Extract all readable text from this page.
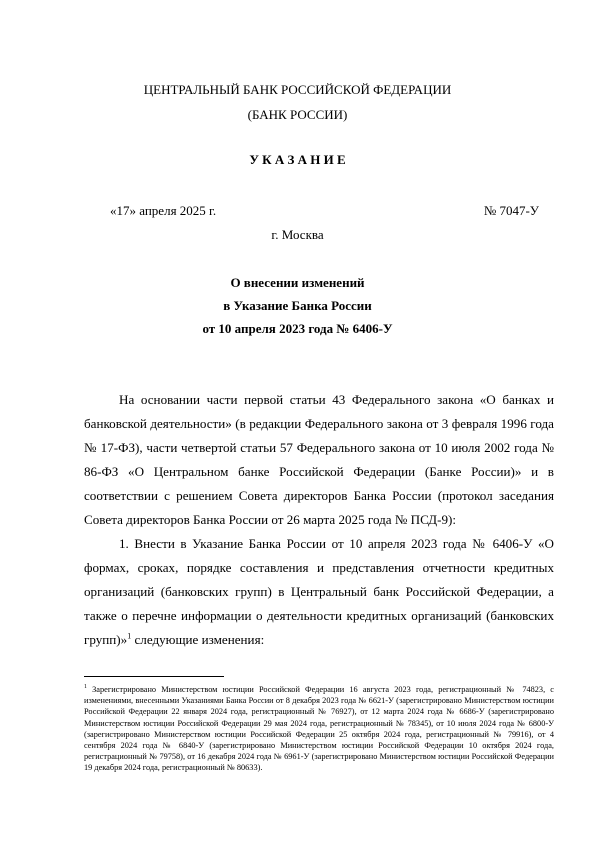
ЦЕНТРАЛЬНЫЙ БАНК РОССИЙСКОЙ ФЕДЕРАЦИИ
(БАНК РОССИИ)
У К А З А Н И Е
«17» апреля 2025 г.	№ 7047-У
г. Москва
О внесении изменений
в Указание Банка России
от 10 апреля 2023 года № 6406-У

На основании части первой статьи 43 Федерального закона «О банках и банковской деятельности» (в редакции Федерального закона от 3 февраля 1996 года № 17-ФЗ), части четвертой статьи 57 Федерального закона от 10 июля 2002 года № 86-ФЗ «О Центральном банке Российской Федерации (Банке России)» и в соответствии с решением Совета директоров Банка России (протокол заседания Совета директоров Банка России от 26 марта 2025 года № ПСД-9):

1. Внести в Указание Банка России от 10 апреля 2023 года № 6406-У «О формах, сроках, порядке составления и представления отчетности кредитных организаций (банковских групп) в Центральный банк Российской Федерации, а также о перечне информации о деятельности кредитных организаций (банковских групп)»$^1$ следующие изменения:

$^1$ Зарегистрировано Министерством юстиции Российской Федерации 16 августа 2023 года, регистрационный № 74823, с изменениями, внесенными Указаниями Банка России от 8 декабря 2023 года № 6621-У (зарегистрировано Министерством юстиции Российской Федерации 22 января 2024 года, регистрационный № 76927), от 12 марта 2024 года № 6686-У (зарегистрировано Министерством юстиции Российской Федерации 29 мая 2024 года, регистрационный № 78345), от 10 июля 2024 года № 6800-У (зарегистрировано Министерством юстиции Российской Федерации 25 октября 2024 года, регистрационный № 79916), от 4 сентября 2024 года № 6840-У (зарегистрировано Министерством юстиции Российской Федерации 10 октября 2024 года, регистрационный № 79758), от 16 декабря 2024 года № 6961-У (зарегистрировано Министерством юстиции Российской Федерации 19 декабря 2024 года, регистрационный № 80633).
